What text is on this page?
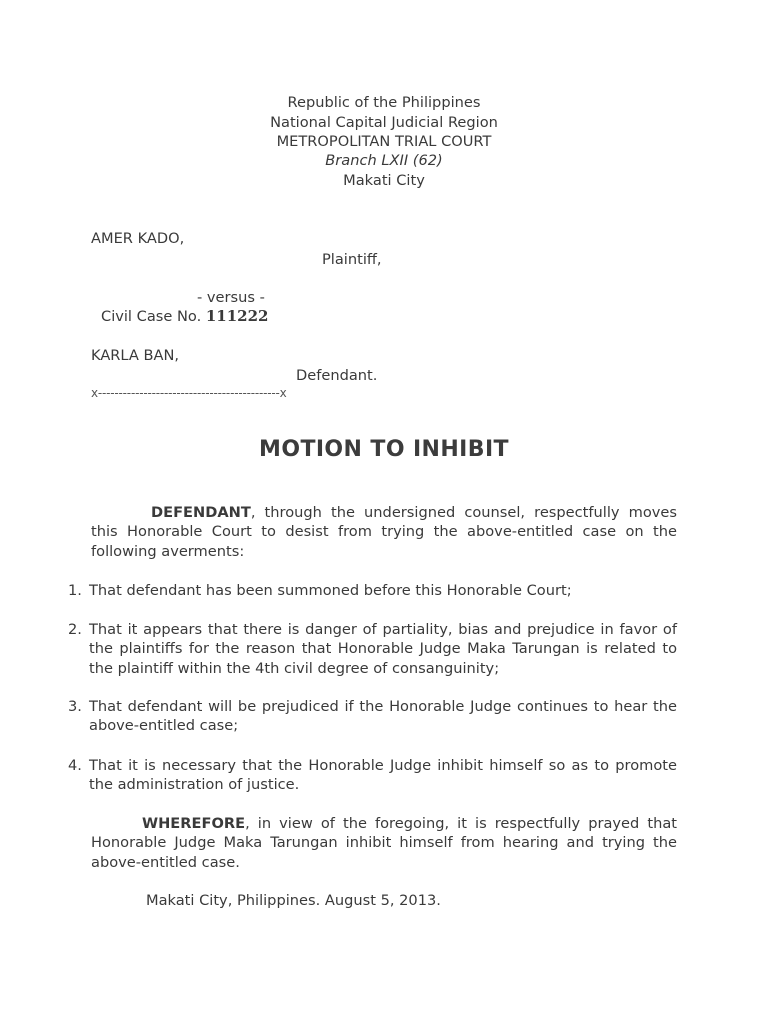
Republic of the Philippines
National Capital Judicial Region
METROPOLITAN TRIAL COURT
Branch LXII (62)
Makati City
AMER KADO,
Plaintiff,
- versus -
Civil Case No. 111222
KARLA BAN,
Defendant.
x--------------------------------------------x
MOTION TO INHIBIT
DEFENDANT, through the undersigned counsel, respectfully moves this Honorable Court to desist from trying the above-entitled case on the following averments:
1. That defendant has been summoned before this Honorable Court;
2. That it appears that there is danger of partiality, bias and prejudice in favor of the plaintiffs for the reason that Honorable Judge Maka Tarungan is related to the plaintiff within the 4th civil degree of consanguinity;
3. That defendant will be prejudiced if the Honorable Judge continues to hear the above-entitled case;
4. That it is necessary that the Honorable Judge inhibit himself so as to promote the administration of justice.
WHEREFORE, in view of the foregoing, it is respectfully prayed that Honorable Judge Maka Tarungan inhibit himself from hearing and trying the above-entitled case.
Makati City, Philippines. August 5, 2013.
